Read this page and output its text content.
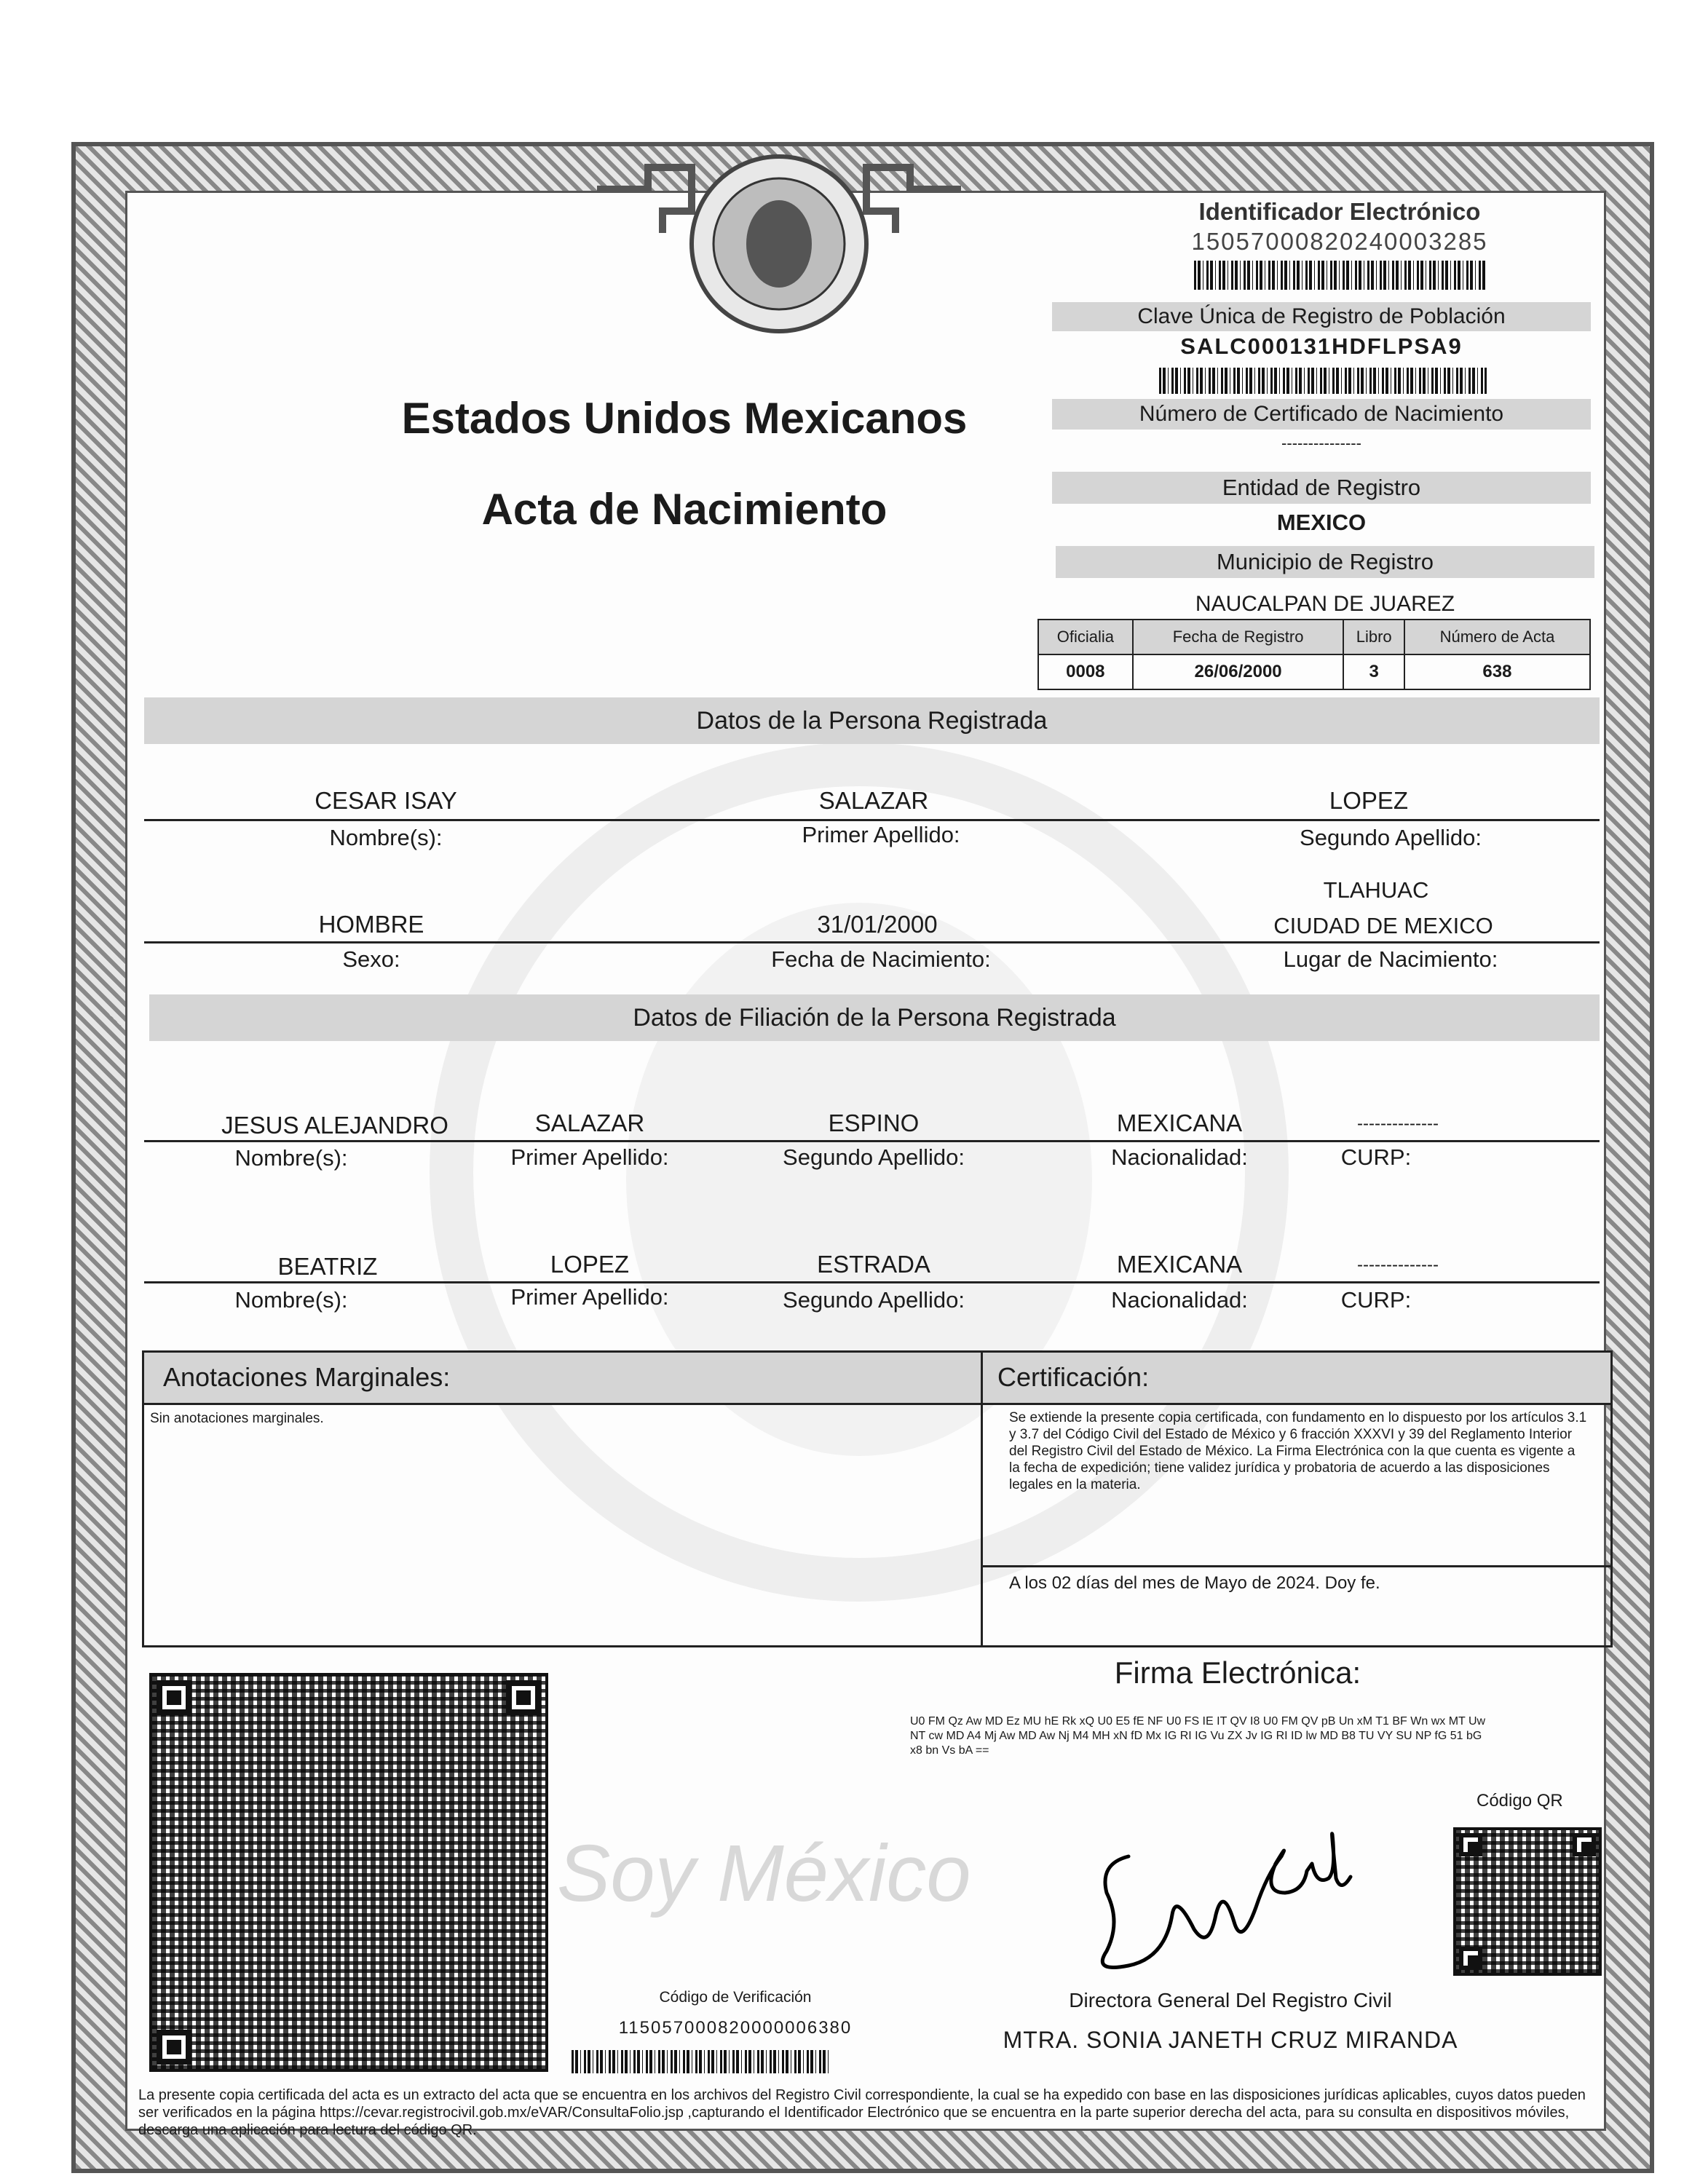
Estados Unidos Mexicanos
Acta de Nacimiento
Identificador Electrónico
15057000820240003285
Clave Única de Registro de Población
SALC000131HDFLPSA9
Número de Certificado de Nacimiento
---------------
Entidad de Registro
MEXICO
Municipio de Registro
NAUCALPAN DE JUAREZ
Oficialia	Fecha de Registro	Libro	Número de Acta
0008	26/06/2000	3	638
Datos de la Persona Registrada
CESAR ISAY	SALAZAR	LOPEZ
Nombre(s):	Primer Apellido:	Segundo Apellido:
TLAHUAC
HOMBRE	31/01/2000	CIUDAD DE MEXICO
Sexo:	Fecha de Nacimiento:	Lugar de Nacimiento:
Datos de Filiación de la Persona Registrada
JESUS ALEJANDRO	SALAZAR	ESPINO	MEXICANA	--------------
Nombre(s):	Primer Apellido:	Segundo Apellido:	Nacionalidad:	CURP:
BEATRIZ	LOPEZ	ESTRADA	MEXICANA	--------------
Nombre(s):	Primer Apellido:	Segundo Apellido:	Nacionalidad:	CURP:
Anotaciones Marginales:
Sin anotaciones marginales.
Certificación:
Se extiende la presente copia certificada, con fundamento en lo dispuesto por los artículos 3.1 y 3.7 del Código Civil del Estado de México y 6 fracción XXXVI y 39 del Reglamento Interior del Registro Civil del Estado de México. La Firma Electrónica con la que cuenta es vigente a la fecha de expedición; tiene validez jurídica y probatoria de acuerdo a las disposiciones legales en la materia.
A los 02 días del mes de Mayo de 2024. Doy fe.
Código de Verificación
115057000820000006380
Soy México
Firma Electrónica:
U0 FM Qz Aw MD Ez MU hE Rk xQ U0 E5 fE NF U0 FS IE IT QV I8 U0 FM QV pB Un xM T1 BF Wn wx MT Uw NT cw MD A4 Mj Aw MD Aw Nj M4 MH xN fD Mx IG RI IG Vu ZX Jv IG RI ID lw MD B8 TU VY SU NP fG 51 bG x8 bn Vs bA ==
Código QR
Directora General Del Registro Civil
MTRA. SONIA JANETH CRUZ MIRANDA
La presente copia certificada del acta es un extracto del acta que se encuentra en los archivos del Registro Civil correspondiente, la cual se ha expedido con base en las disposiciones jurídicas aplicables, cuyos datos pueden ser verificados en la página https://cevar.registrocivil.gob.mx/eVAR/ConsultaFolio.jsp ,capturando el Identificador Electrónico que se encuentra en la parte superior derecha del acta, para su consulta en dispositivos móviles, descarga una aplicación para lectura del código QR.
